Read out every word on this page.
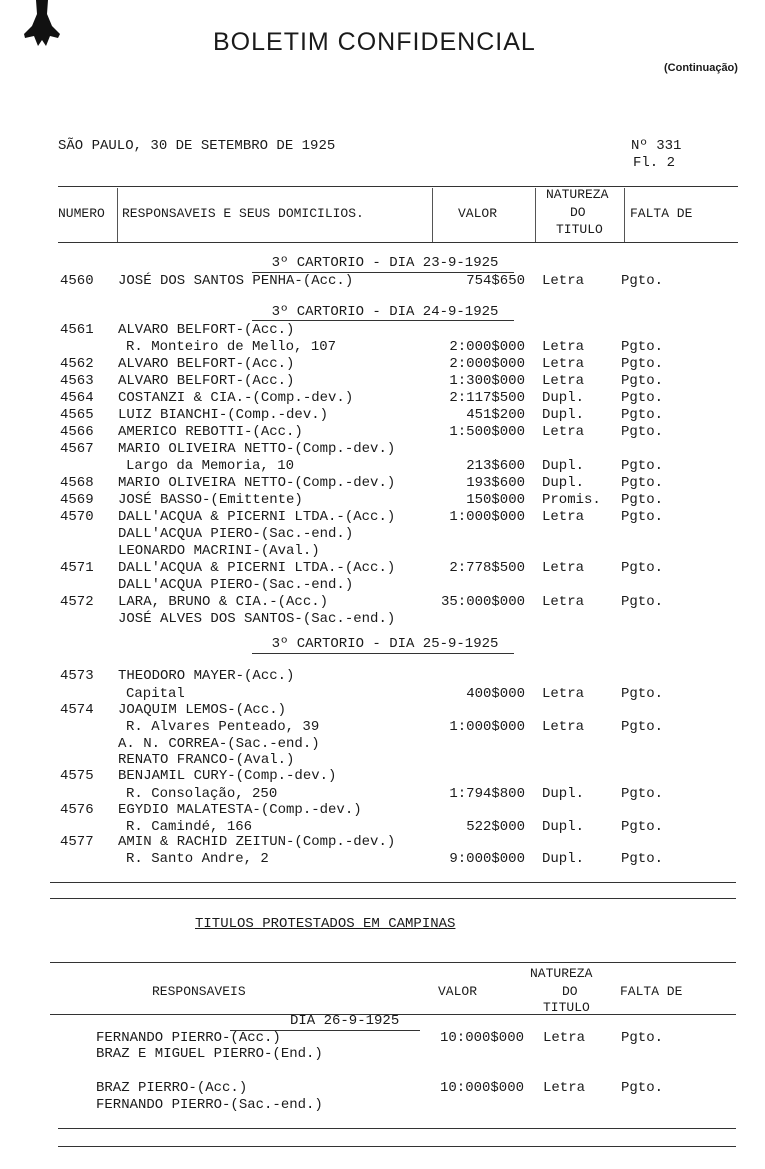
BOLETIM CONFIDENCIAL
(Continuação)
SÃO PAULO, 30 DE SETEMBRO DE 1925	Nº 331
Fl. 2
NUMERO	RESPONSAVEIS E SEUS DOMICILIOS.	VALOR
NATUREZA
DO
TITULO
FALTA DE
3º CARTORIO - DIA 23-9-1925
4560 JOSÉ DOS SANTOS PENHA-(Acc.)	754$650 Letra	Pgto.
3º CARTORIO - DIA 24-9-1925
4561 ALVARO BELFORT-(Acc.)
R. Monteiro de Mello, 107	2:000$000 Letra	Pgto.
4562 ALVARO BELFORT-(Acc.)	2:000$000 Letra	Pgto.
4563 ALVARO BELFORT-(Acc.)	1:300$000 Letra	Pgto.
4564 COSTANZI & CIA.-(Comp.-dev.)	2:117$500 Dupl.	Pgto.
4565 LUIZ BIANCHI-(Comp.-dev.)	451$200 Dupl.	Pgto.
4566 AMERICO REBOTTI-(Acc.)	1:500$000 Letra	Pgto.
4567 MARIO OLIVEIRA NETTO-(Comp.-dev.)
Largo da Memoria, 10	213$600 Dupl.	Pgto.
4568 MARIO OLIVEIRA NETTO-(Comp.-dev.)	193$600 Dupl.	Pgto.
4569 JOSÉ BASSO-(Emittente)	150$000 Promis. Pgto.
4570 DALL'ACQUA & PICERNI LTDA.-(Acc.)	1:000$000 Letra	Pgto.
DALL'ACQUA PIERO-(Sac.-end.)
LEONARDO MACRINI-(Aval.)
4571 DALL'ACQUA & PICERNI LTDA.-(Acc.)	2:778$500 Letra	Pgto.
DALL'ACQUA PIERO-(Sac.-end.)
4572 LARA, BRUNO & CIA.-(Acc.)	35:000$000 Letra	Pgto.
JOSÉ ALVES DOS SANTOS-(Sac.-end.)
3º CARTORIO - DIA 25-9-1925
4573 THEODORO MAYER-(Acc.)
Capital	400$000 Letra	Pgto.
4574 JOAQUIM LEMOS-(Acc.)
R. Alvares Penteado, 39	1:000$000 Letra	Pgto.
A. N. CORREA-(Sac.-end.)
RENATO FRANCO-(Aval.)
4575 BENJAMIL CURY-(Comp.-dev.)
R. Consolação, 250	1:794$800 Dupl.	Pgto.
4576 EGYDIO MALATESTA-(Comp.-dev.)
R. Camindé, 166	522$000 Dupl.	Pgto.
4577 AMIN & RACHID ZEITUN-(Comp.-dev.)
R. Santo Andre, 2	9:000$000 Dupl.	Pgto.
TITULOS PROTESTADOS EM CAMPINAS
RESPONSAVEIS	VALOR
NATUREZA
DO
TITULO
FALTA DE
DIA 26-9-1925
FERNANDO PIERRO-(Acc.)	10:000$000 Letra	Pgto.
BRAZ E MIGUEL PIERRO-(End.)
BRAZ PIERRO-(Acc.)	10:000$000 Letra	Pgto.
FERNANDO PIERRO-(Sac.-end.)
